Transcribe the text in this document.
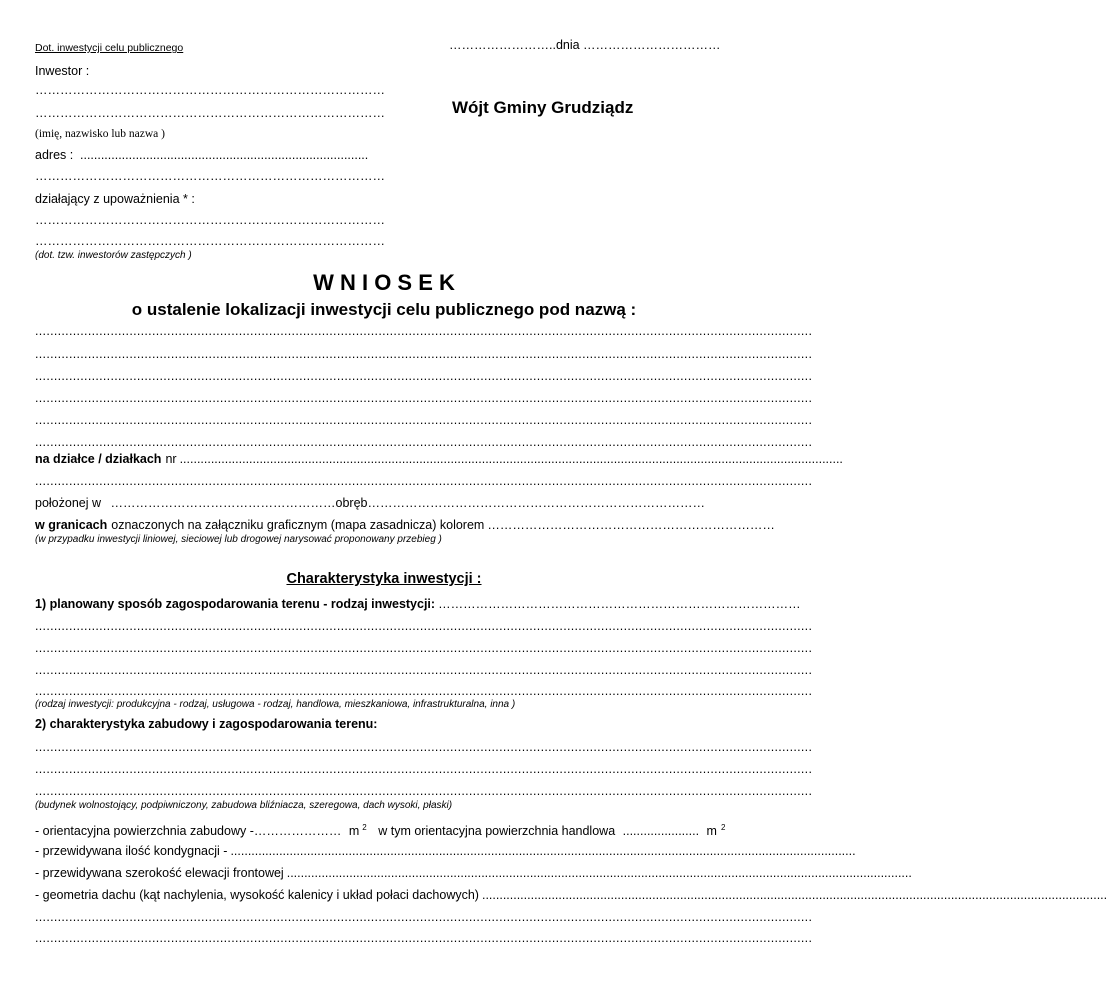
Dot. inwestycji celu publicznego	……………………..dnia ……………………………
Inwestor :
…………………………………………………………………………
…………………………………………………………………………	Wójt Gminy Grudziądz
(imię, nazwisko lub nazwa )
adres : ...................................................................................
…………………………………………………………………………
działający z upoważnienia * :
…………………………………………………………………………
…………………………………………………………………………
(dot. tzw. inwestorów zastępczych )
W N I O S E K
o ustalenie lokalizacji inwestycji celu publicznego pod nazwą :
..............................................................................................................................................................................................................
..............................................................................................................................................................................................................
..............................................................................................................................................................................................................
..............................................................................................................................................................................................................
..............................................................................................................................................................................................................
..............................................................................................................................................................................................................
na działce / działkach nr ...............................................................................................................................................................................................
..............................................................................................................................................................................................................
położonej w ………………………………………………obręb………………………………………………………………………
w granicach oznaczonych na załączniku graficznym (mapa zasadnicza) kolorem ……………………………………………………………
(w przypadku inwestycji liniowej, sieciowej lub drogowej narysować proponowany przebieg )
Charakterystyka inwestycji :
1) planowany sposób zagospodarowania terenu - rodzaj inwestycji: ……………………………………………………………………………
..............................................................................................................................................................................................................
..............................................................................................................................................................................................................
..............................................................................................................................................................................................................
..............................................................................................................................................................................................................
(rodzaj inwestycji: produkcyjna - rodzaj, usługowa - rodzaj, handlowa, mieszkaniowa, infrastrukturalna, inna )
2) charakterystyka zabudowy i zagospodarowania terenu:
..............................................................................................................................................................................................................
..............................................................................................................................................................................................................
..............................................................................................................................................................................................................
(budynek wolnostojący, podpiwniczony, zabudowa bliźniacza, szeregowa, dach wysoki, płaski)
- orientacyjna powierzchnia zabudowy -………………… m $^2$ w tym orientacyjna powierzchnia handlowa ...................... m $^2$
- przewidywana ilość kondygnacji - ....................................................................................................................................................................................
- przewidywana szerokość elewacji frontowej ....................................................................................................................................................................................
- geometria dachu (kąt nachylenia, wysokość kalenicy i układ połaci dachowych) ....................................................................................................................................................................................
..............................................................................................................................................................................................................
..............................................................................................................................................................................................................
